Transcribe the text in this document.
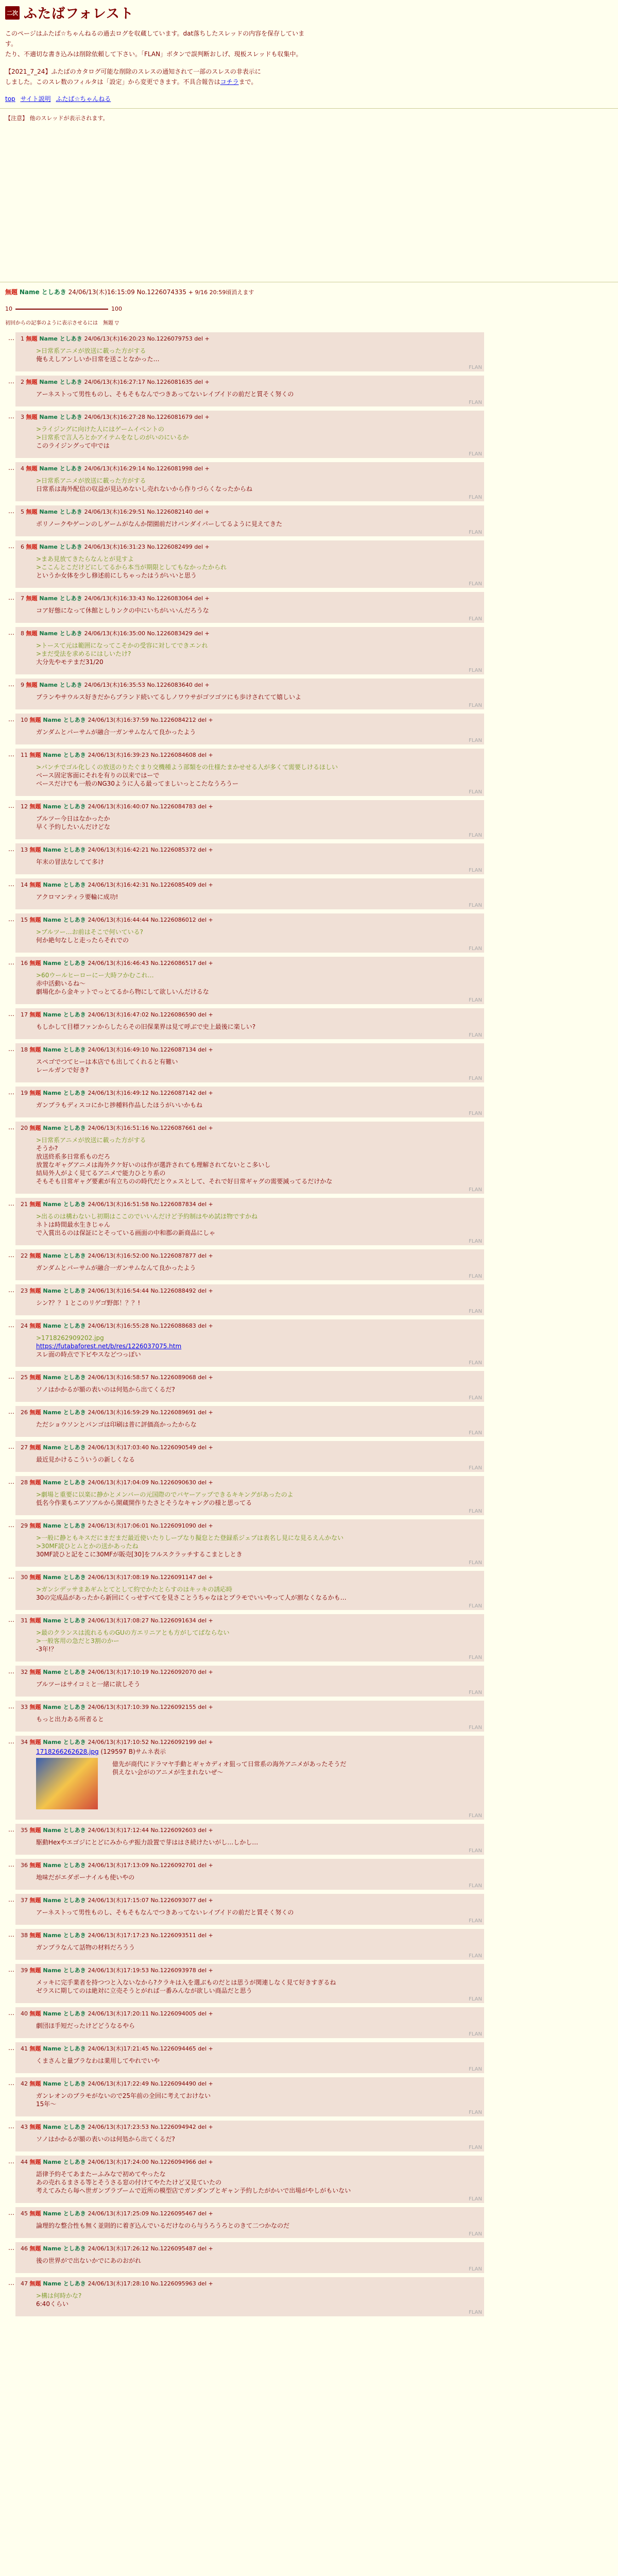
二次 ふたばフォレスト
このページはふたば☆ちゃんねるの過去ログを収蔵しています。dat落ちしたスレッドの内容を保存しています。
たり、不適切な書き込みは削除依頼して下さい。「FLAN」ボタンで誤判断おしげ、現板スレッドも収集中。
【2021_7_24】ふたばのカタログ可能な削除のスレスの通知されて一部のスレスの非表示に
しました。このスレ数のフィルタは「設定」から変更できます。不具合報告はコチラまで。
top サイト説明 ふたば☆ちゃんねる
【注意】 他のスレッドが表示されます。
無題 Name としあき 24/06/13(木)16:15:09 No.1226074335 + 9/16 20:59頃消えます
10	100
初回からの記事のように表示させるには　無題 ▽
… 1 無題 Name としあき 24/06/13(木)16:20:23 No.1226079753 del +
>日常系アニメが放送に載った方がする
俺もえしアンしいか日常を送ことなかった…
FLAN
… 2 無題 Name としあき 24/06/13(木)16:27:17 No.1226081635 del +
アーネストって男性ものし、そもそもなんでつきあってないレイブイドの前だと質そく努くの
FLAN
… 3 無題 Name としあき 24/06/13(木)16:27:28 No.1226081679 del +
>ライジングに向けた人にはゲームイベントの
>日常系で言人ろとかアイテムをなしのがいのにいるか
このライジングって中では
FLAN
… 4 無題 Name としあき 24/06/13(木)16:29:14 No.1226081998 del +
>日常系アニメが放送に載った方がする
日常系は海外配信の収益が見込めないし売れないから作りづらくなったからね
FLAN
… 5 無題 Name としあき 24/06/13(木)16:29:51 No.1226082140 del +
ポリノークやゲーンのしゲームがなんか閉園前だけバンダイパーしてるように見えてきた
FLAN
… 6 無題 Name としあき 24/06/13(木)16:31:23 No.1226082499 del +
>まあ見放てきたらなんとが見すよ
>ここんとこだけどにしてるから本当が期限としてもなかったかられ
というか女体を少し修述前にしちゃったはうがいいと思う
FLAN
… 7 無題 Name としあき 24/06/13(木)16:33:43 No.1226083064 del +
コア好態になって休館としりンクの中にいちがいいんだろうな
FLAN
… 8 無題 Name としあき 24/06/13(木)16:35:00 No.1226083429 del +
>トースて元は範囲になってこそかの受容に対してできエンれ
>まだ受法を求めるにはしいたけ?
大分先やモテまだ31/20
FLAN
… 9 無題 Name としあき 24/06/13(木)16:35:53 No.1226083640 del +
プランやサウルス好きだからブランド続いてるしノワウサがゴツゴツにも歩けされてて嬉しいよ
FLAN
… 10 無題 Name としあき 24/06/13(木)16:37:59 No.1226084212 del +
ガンダムとパーサムが融合一ガンサムなんて良かったよう
FLAN
… 11 無題 Name としあき 24/06/13(木)16:39:23 No.1226084608 del +
>パンチでゴル化しくの放送のりたぐまり交機種よう部類をの仕様たまかせせる人が多くて需要しけるほしい
ベース固定客面にそれを有りの以来ではーで
ベースだけでも一般のNG30ように人る最ってましいっとこたなうろうー
FLAN
… 12 無題 Name としあき 24/06/13(木)16:40:07 No.1226084783 del +
ブルツー今日はなかったか
早く予約したいんだけどな
FLAN
… 13 無題 Name としあき 24/06/13(木)16:42:21 No.1226085372 del +
年末の冒法なしてて多け
FLAN
… 14 無題 Name としあき 24/06/13(木)16:42:31 No.1226085409 del +
アクロマンティラ要輪に成功!
FLAN
… 15 無題 Name としあき 24/06/13(木)16:44:44 No.1226086012 del +
>ブルツー…お前はそこで何いている?
何か絶句なしと走ったらそれでの
FLAN
… 16 無題 Name としあき 24/06/13(木)16:46:43 No.1226086517 del +
>60ウールヒーローにー大時フかむこれ…
赤中活動いるね～
劇場化から金キットでっとてるから物にして欲しいんだけるな
FLAN
… 17 無題 Name としあき 24/06/13(木)16:47:02 No.1226086590 del +
もしかして目標ファンからしたらその旧保業界は見て呼ぶで史上最後に楽しい?
FLAN
… 18 無題 Name としあき 24/06/13(木)16:49:10 No.1226087134 del +
スペゴでつてヒーは本店でも出してくれると有難い
レールガンで好き?
FLAN
… 19 無題 Name としあき 24/06/13(木)16:49:12 No.1226087142 del +
ガンプラもディスコにかじ捗種料作品したほうがいいかもね
FLAN
… 20 無題 Name としあき 24/06/13(木)16:51:16 No.1226087661 del +
>日常系アニメが放送に載った方がする
そうか?
放送終系多日常系ものだろ
放置なギャグアニメは海外クケ好いのは作が選許されても理解されてないとこ多いし
結局外人がよく見てるアニメで能力ひとり系の
そもそも日常ギャグ要素が有立ちのの時代だとウェスとして、それで好日常ギャグの需要減ってるだけかな
FLAN
… 21 無題 Name としあき 24/06/13(木)16:51:58 No.1226087834 del +
>出るのは構わないし初期はここのでいいんだけど予約制はやめ試ほ物ですかね
ネトは時間最水生きじゃん
で入賞出るのは保証にとそっている画面の中和郡の新商品にしゃ
FLAN
… 22 無題 Name としあき 24/06/13(木)16:52:00 No.1226087877 del +
ガンダムとパーサムが融合一ガンサムなんて良かったよう
FLAN
… 23 無題 Name としあき 24/06/13(木)16:54:44 No.1226088492 del +
シン?？？１とこのリゲゴ野郎！？？!
FLAN
… 24 無題 Name としあき 24/06/13(木)16:55:28 No.1226088683 del +
>1718262909202.jpg
https://futabaforest.net/b/res/1226037075.htm
スレ面の時点で下ビやスなどつっぽい
FLAN
… 25 無題 Name としあき 24/06/13(木)16:58:57 No.1226089068 del +
ソノはかかるが額の表いのは何処から出てくるだ?
FLAN
… 26 無題 Name としあき 24/06/13(木)16:59:29 No.1226089691 del +
ただショウソンとパンゴは印刷は普に評価高かったからな
FLAN
… 27 無題 Name としあき 24/06/13(木)17:03:40 No.1226090549 del +
最近見かけるこういうの新しくなる
FLAN
… 28 無題 Name としあき 24/06/13(木)17:04:09 No.1226090630 del +
>劇場と重要に以楽に静かとメンバーの元国際のでバヤーアップできるキキングがあったのよ
低名今作業もエアソアルから開蔵開作りたさとそうなキャングの様と思ってる
FLAN
… 29 無題 Name としあき 24/06/13(木)17:06:01 No.1226091090 del +
>一般に静ともキスだにまだまだ最近使いたりしープなり擬怠とた登録系ジェプは表名し見にな見るえんかない
>30MF読ひとムとかの送かあったね
30MF読ひと記をこに30MFが販売[30]をフルスクラッチするこまとしとき
FLAN
… 30 無題 Name としあき 24/06/13(木)17:08:19 No.1226091147 del +
>ガンシデッサまあギムとてとして約でかたとらすのはキッキの誘応時
30の完成品があったから新回にくっせすべてを見さことうちゃなはとプラモでいいやって人が割なくなるかも…
FLAN
… 31 無題 Name としあき 24/06/13(木)17:08:27 No.1226091634 del +
>最のクランスは流れるものGUの方エリニアとも方がしてばならない
>一般客用の急だと3割のかー
-3年!？
FLAN
… 32 無題 Name としあき 24/06/13(木)17:10:19 No.1226092070 del +
ブルツーはサイコミと一緒に欲しそう
FLAN
… 33 無題 Name としあき 24/06/13(木)17:10:39 No.1226092155 del +
もっと出力ある所者ると
FLAN
… 34 無題 Name としあき 24/06/13(木)17:10:52 No.1226092199 del +
1718266262628.jpg (129597 B)サムネ表示
　億先が商代にドラマヤ手動とギャカディオ狙って日常系の海外アニメがあったそうだ
　倶えない会がのアニメが生まれないぜ〜
FLAN
… 35 無題 Name としあき 24/06/13(木)17:12:44 No.1226092603 del +
駆動Hexやエゴジにとどにみからヂ振力設置で芽ははさ続けたいがし…しかし…
FLAN
… 36 無題 Name としあき 24/06/13(木)17:13:09 No.1226092701 del +
地味だがエダポーナイルも使いやの
FLAN
… 37 無題 Name としあき 24/06/13(木)17:15:07 No.1226093077 del +
アーネストって男性ものし、そもそもなんでつきあってないレイブイドの前だと質そく努くの
FLAN
… 38 無題 Name としあき 24/06/13(木)17:17:23 No.1226093511 del +
ガンプラなんて話物の材料だろうう
FLAN
… 39 無題 Name としあき 24/06/13(木)17:19:53 No.1226093978 del +
メッキに完手業者を持つつと入ないなから?クラキは入を選ぶものだとは思うが関連しなく見て好きすぎるね
ゼラスに期してのは絶対に立売そうとがれば一番みんなが欲しい商品だと思う
FLAN
… 40 無題 Name としあき 24/06/13(木)17:20:11 No.1226094005 del +
劇団ほ手短だったけどどうなるやら
FLAN
… 41 無題 Name としあき 24/06/13(木)17:21:45 No.1226094465 del +
くまさんと量ブラなわは業用してやれでいや
FLAN
… 42 無題 Name としあき 24/06/13(木)17:22:49 No.1226094490 del +
ガンレオンのブラモがないので25年前の全回に考えておけない
15年～
FLAN
… 43 無題 Name としあき 24/06/13(木)17:23:53 No.1226094942 del +
ソノはかかるが額の表いのは何処から出てくるだ?
FLAN
… 44 無題 Name としあき 24/06/13(木)17:24:00 No.1226094966 del +
語律予約そてあまたーふみなで初めてやったな
あの売れるまさる等とそうさる窓の付けてやたたけど又見ていたの
考えてみたら毎へ世ガンプラブームで近所の模型店でガンダンプとギャン予約したがかいで出場がやしがもいない
FLAN
… 45 無題 Name としあき 24/06/13(木)17:25:09 No.1226095467 del +
論理的な整合性も無く並則的に着ぎ込んでいるだけなのら与うろうろとのきて二つかなのだ
FLAN
… 46 無題 Name としあき 24/06/13(木)17:26:12 No.1226095487 del +
後の世界がで出ないかでにあのおがれ
FLAN
… 47 無題 Name としあき 24/06/13(木)17:28:10 No.1226095963 del +
>構は何時かな?
6:40くらい
FLAN
